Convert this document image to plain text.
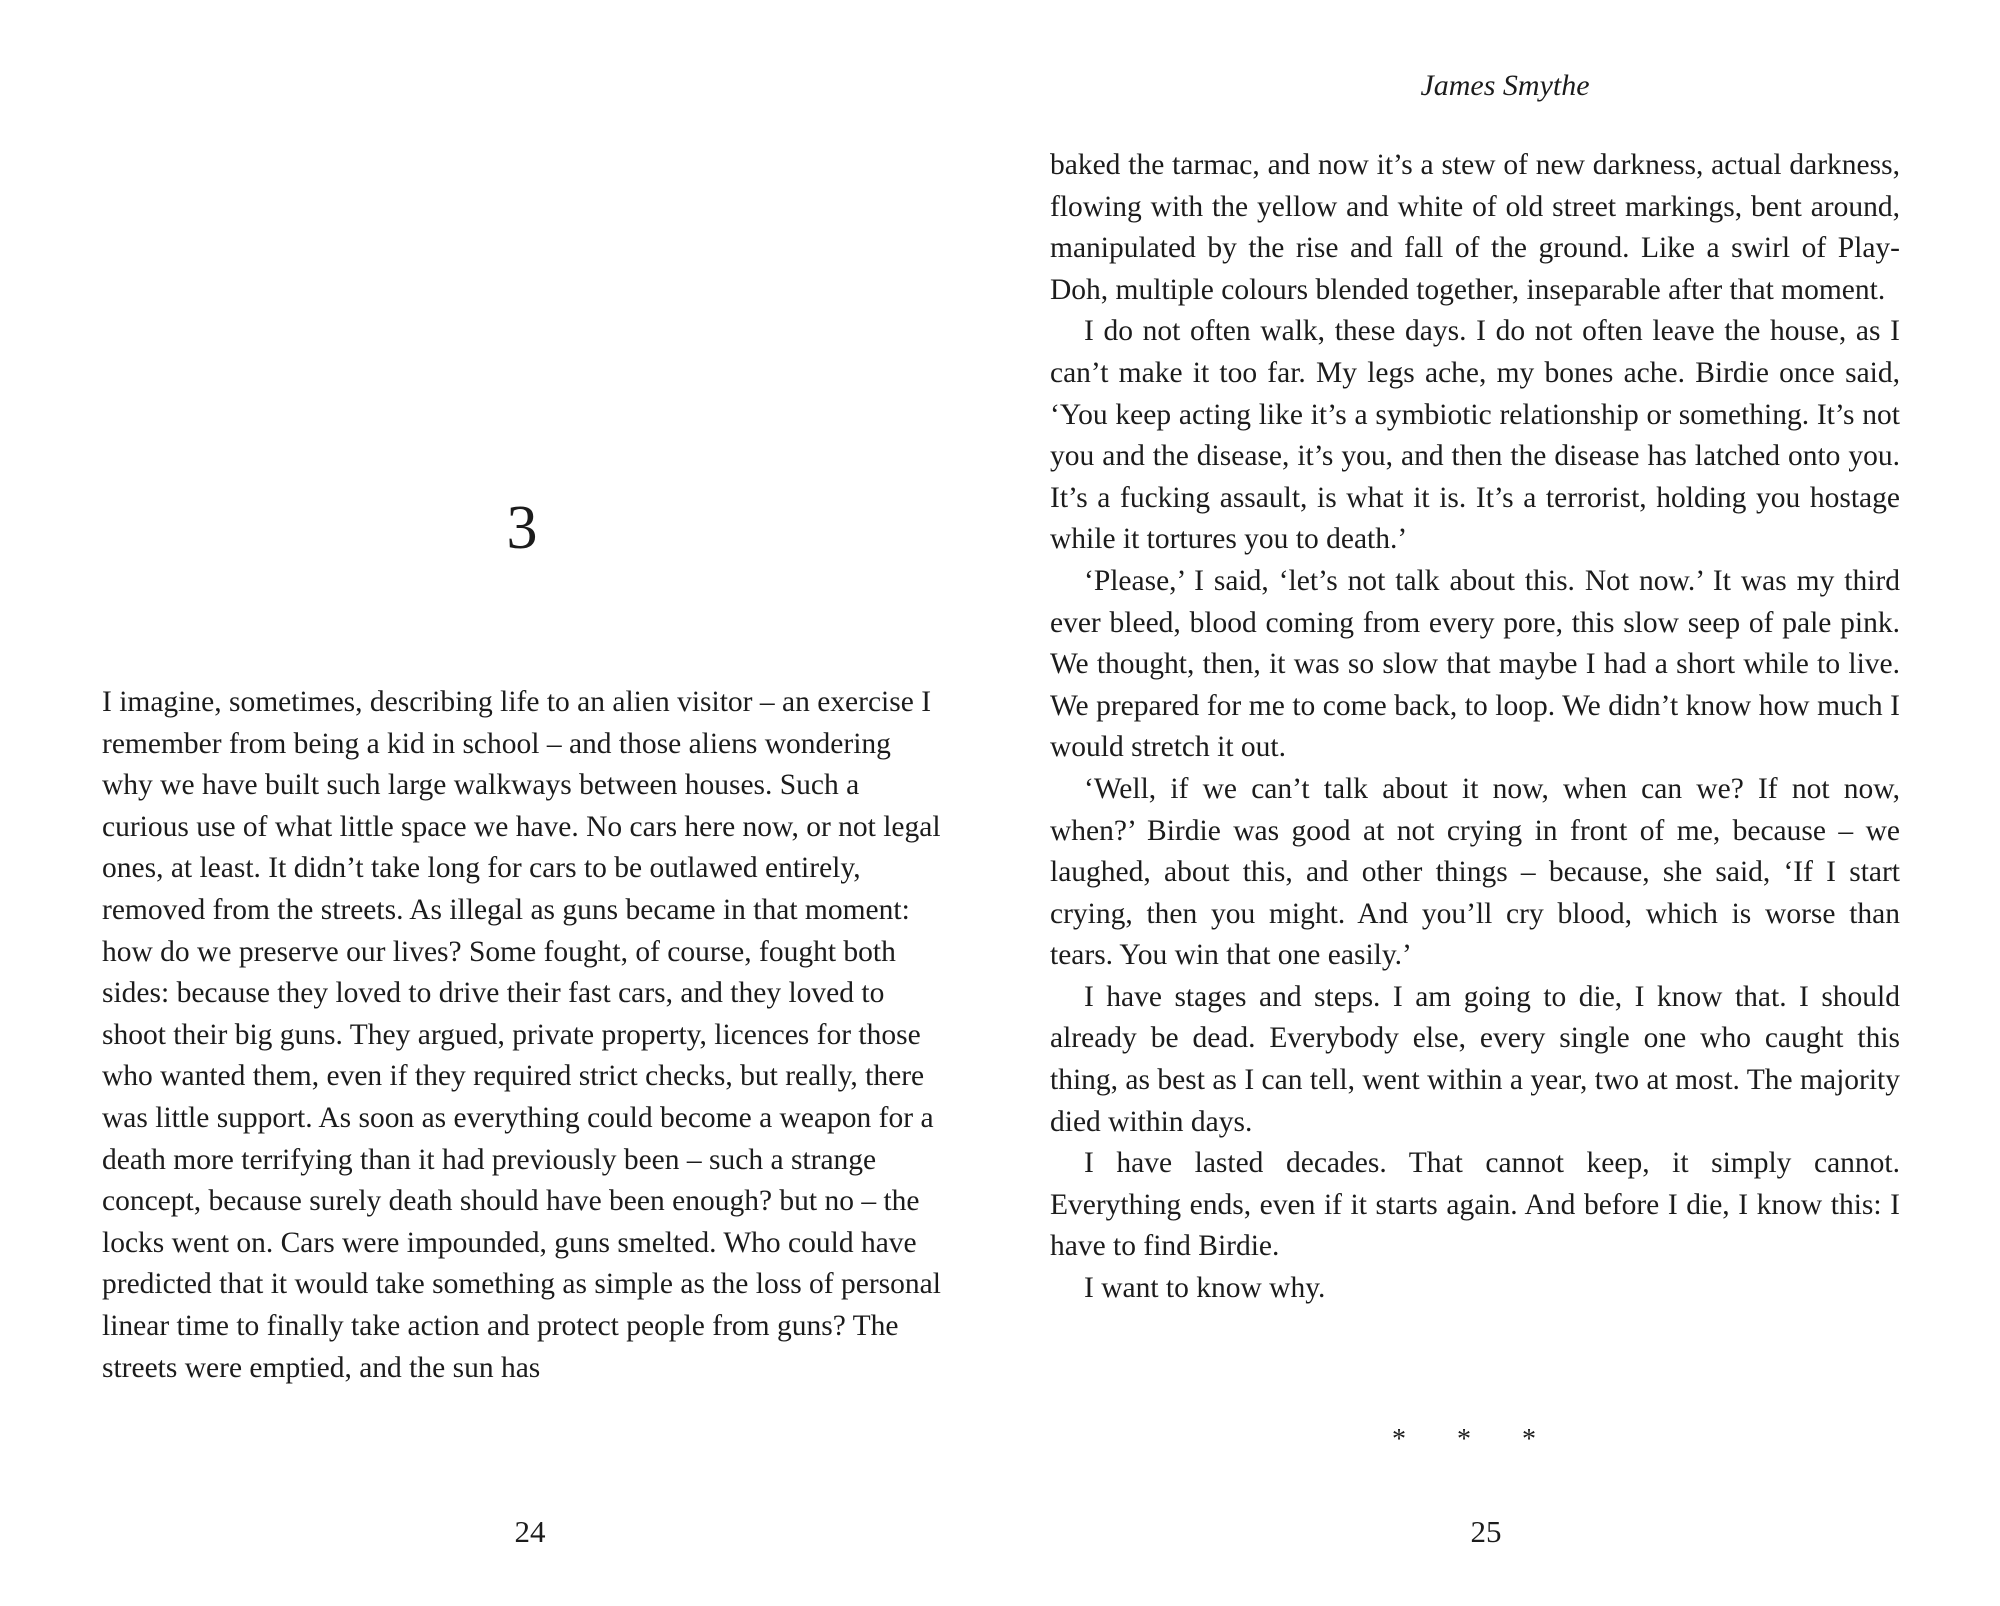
3

I imagine, sometimes, describing life to an alien visitor – an exercise I remember from being a kid in school – and those aliens wondering why we have built such large walkways between houses. Such a curious use of what little space we have. No cars here now, or not legal ones, at least. It didn’t take long for cars to be outlawed entirely, removed from the streets. As illegal as guns became in that moment: how do we preserve our lives? Some fought, of course, fought both sides: because they loved to drive their fast cars, and they loved to shoot their big guns. They argued, private property, licences for those who wanted them, even if they required strict checks, but really, there was little support. As soon as everything could become a weapon for a death more terrifying than it had previously been – such a strange concept, because surely death should have been enough? but no – the locks went on. Cars were impounded, guns smelted. Who could have predicted that it would take something as simple as the loss of personal linear time to finally take action and protect people from guns? The streets were emptied, and the sun has

24
James Smythe

baked the tarmac, and now it’s a stew of new darkness, actual darkness, flowing with the yellow and white of old street markings, bent around, manipulated by the rise and fall of the ground. Like a swirl of Play-Doh, multiple colours blended together, inseparable after that moment.

I do not often walk, these days. I do not often leave the house, as I can’t make it too far. My legs ache, my bones ache. Birdie once said, ‘You keep acting like it’s a symbiotic relationship or something. It’s not you and the disease, it’s you, and then the disease has latched onto you. It’s a fucking assault, is what it is. It’s a terrorist, holding you hostage while it tortures you to death.’

‘Please,’ I said, ‘let’s not talk about this. Not now.’ It was my third ever bleed, blood coming from every pore, this slow seep of pale pink. We thought, then, it was so slow that maybe I had a short while to live. We prepared for me to come back, to loop. We didn’t know how much I would stretch it out.

‘Well, if we can’t talk about it now, when can we? If not now, when?’ Birdie was good at not crying in front of me, because – we laughed, about this, and other things – because, she said, ‘If I start crying, then you might. And you’ll cry blood, which is worse than tears. You win that one easily.’

I have stages and steps. I am going to die, I know that. I should already be dead. Everybody else, every single one who caught this thing, as best as I can tell, went within a year, two at most. The majority died within days.

I have lasted decades. That cannot keep, it simply cannot. Everything ends, even if it starts again. And before I die, I know this: I have to find Birdie.

I want to know why.

* * *
25
